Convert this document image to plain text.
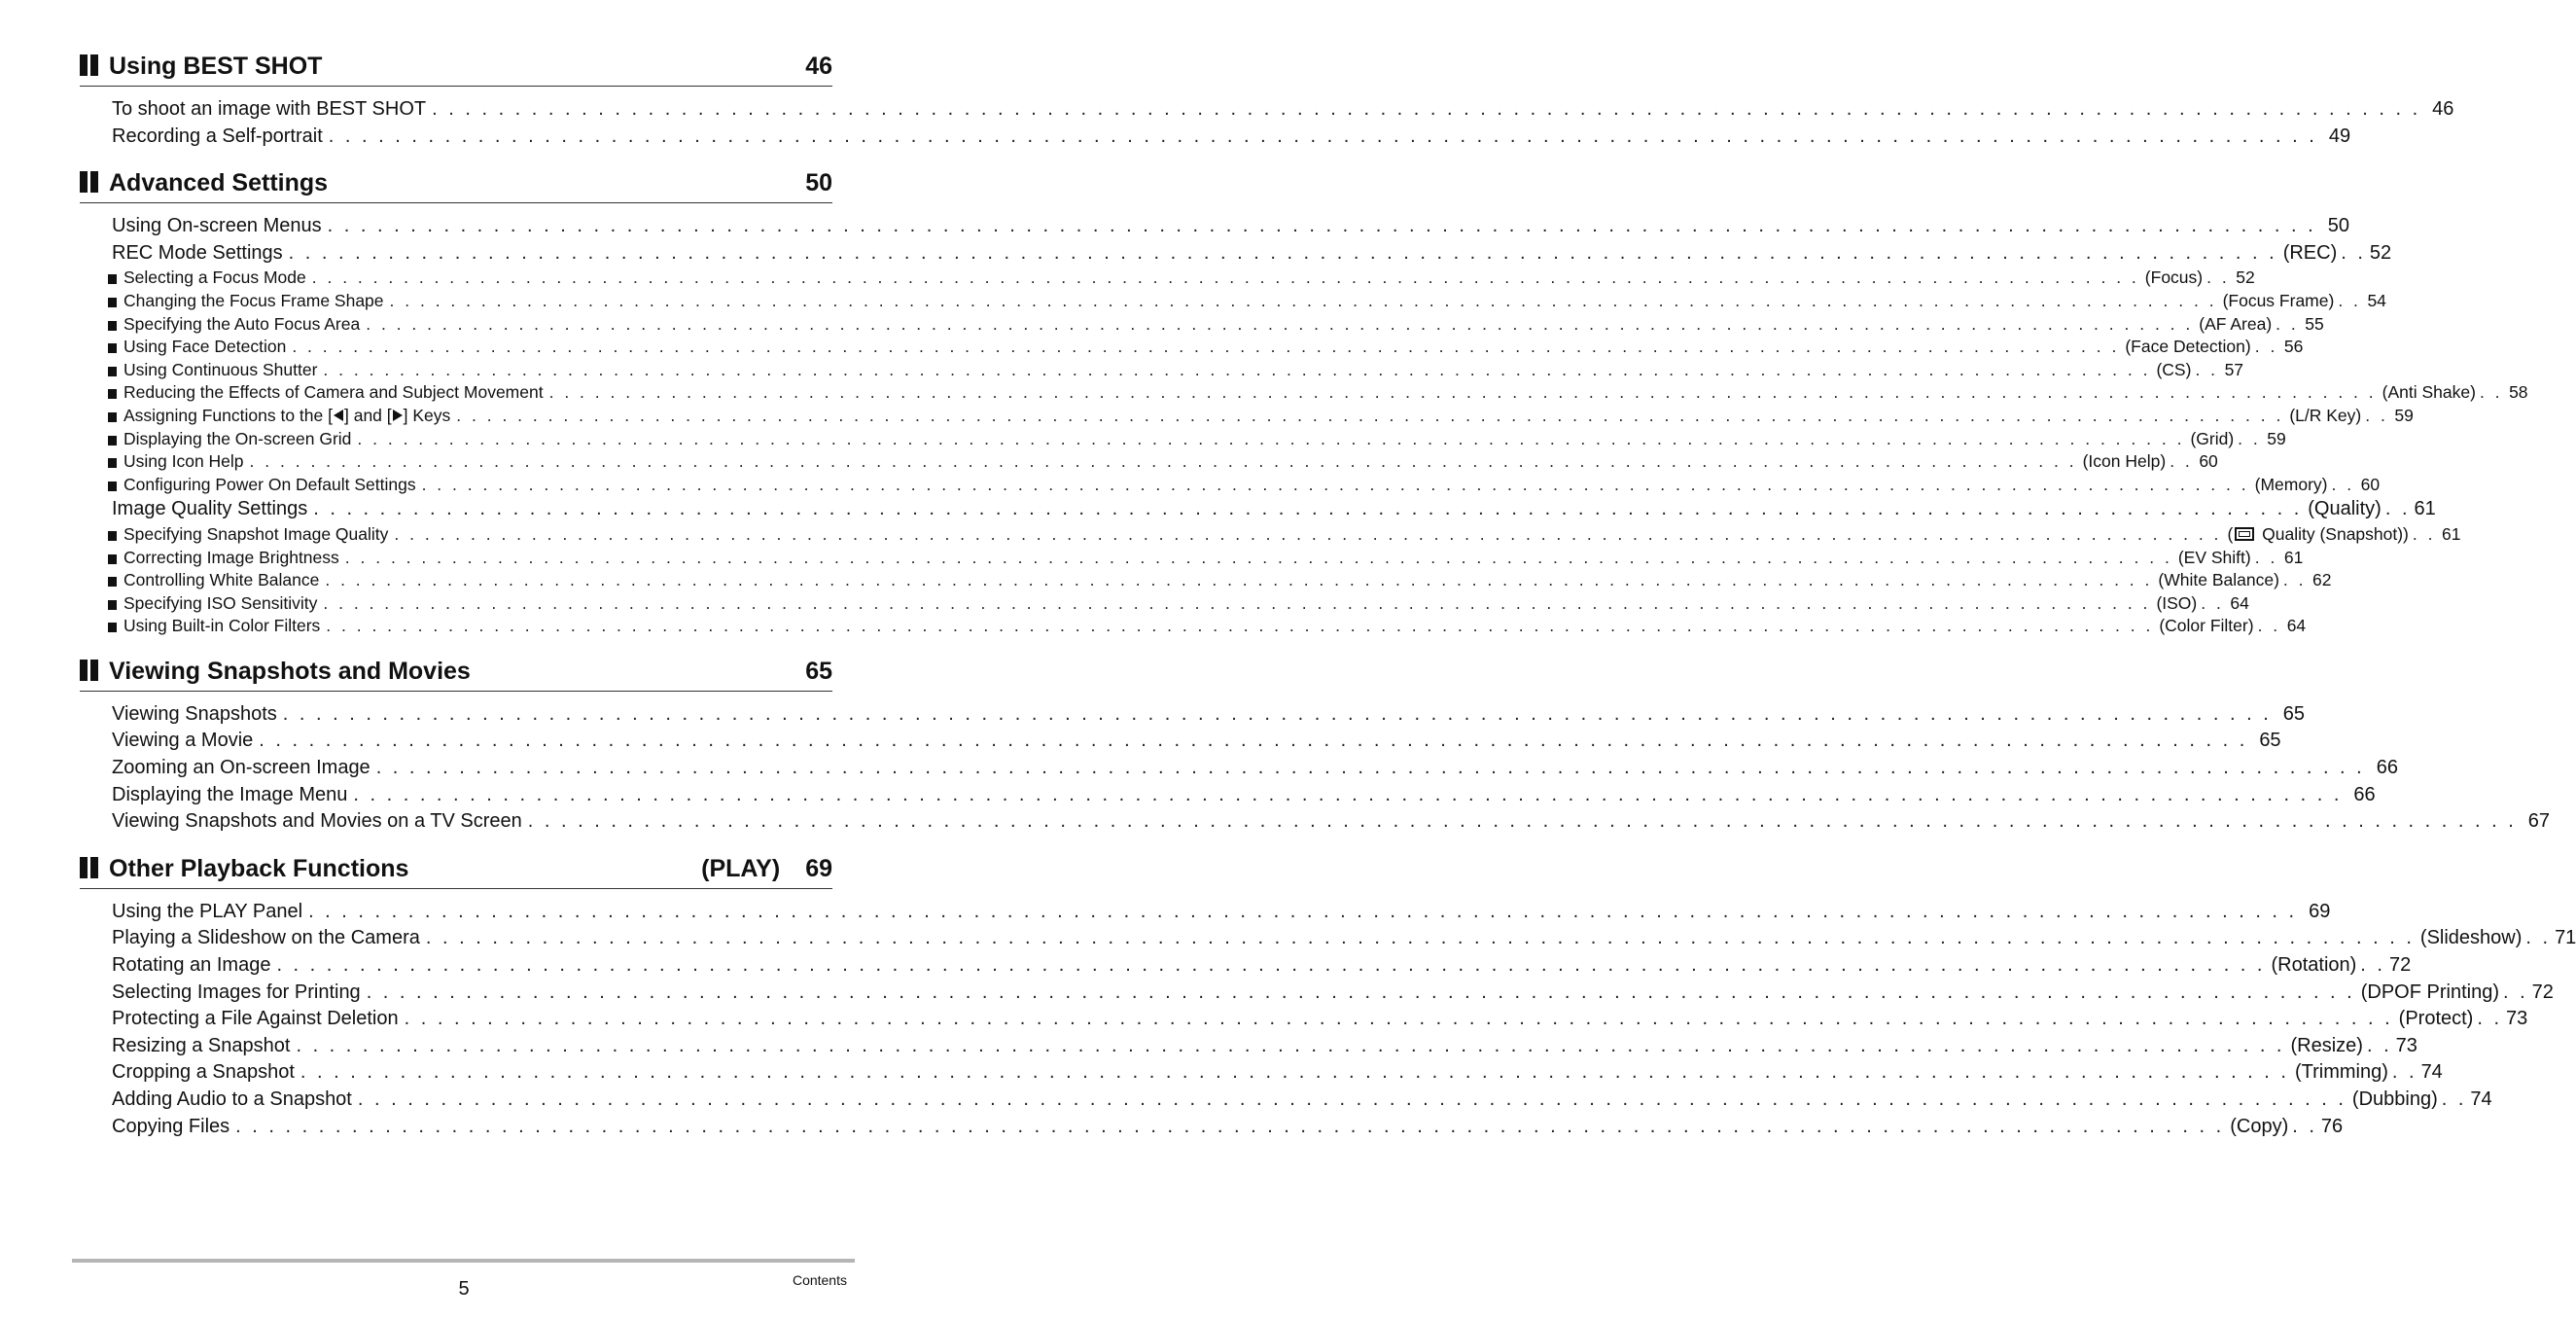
Using BEST SHOT	46
To shoot an image with BEST SHOT . . . . . . . . . . . . . . . . . . . . . . . . . . . . . . . . . . . . . . . . . . . . . . . . . . . . . . . . . . . . . . . . . . . . . . . . . . . . . . . . . . . . . . . . . . . . . . . . . . . . . . . . . . . . . . . . . . . . . . . . 46
Recording a Self-portrait . . . . . . . . . . . . . . . . . . . . . . . . . . . . . . . . . . . . . . . . . . . . . . . . . . . . . . . . . . . . . . . . . . . . . . . . . . . . . . . . . . . . . . . . . . . . . . . . . . . . . . . . . . . . . . . . . . . . . . . . 49
Advanced Settings	50
Using On-screen Menus . . . . . . . . . . . . . . . . . . . . . . . . . . . . . . . . . . . . . . . . . . . . . . . . . . . . . . . . . . . . . . . . . . . . . . . . . . . . . . . . . . . . . . . . . . . . . . . . . . . . . . . . . . . . . . . . . . . . . . . . 50
REC Mode Settings . . . . . . . . . . . . . . . . . . . . . . . . . . . . . . . . . . . . . . . . . . . . . . . . . . . . . . . . . . . . . . . . . . . . . . . . . . . . . . . . . . . . . . . . . . . . . . . . . . . . . . . . . . . . . . . . . . . . . . . . (REC) . . 52
Selecting a Focus Mode . . . . . . . . . . . . . . . . . . . . . . . . . . . . . . . . . . . . . . . . . . . . . . . . . . . . . . . . . . . . . . . . . . . . . . . . . . . . . . . . . . . . . . . . . . . . . . . . . . . . . . . . . . . . . . . . . . . . . . . . (Focus) . . 52
Changing the Focus Frame Shape . . . . . . . . . . . . . . . . . . . . . . . . . . . . . . . . . . . . . . . . . . . . . . . . . . . . . . . . . . . . . . . . . . . . . . . . . . . . . . . . . . . . . . . . . . . . . . . . . . . . . . . . . . . . . . . . . . . . . . . . (Focus Frame) . . 54
Specifying the Auto Focus Area . . . . . . . . . . . . . . . . . . . . . . . . . . . . . . . . . . . . . . . . . . . . . . . . . . . . . . . . . . . . . . . . . . . . . . . . . . . . . . . . . . . . . . . . . . . . . . . . . . . . . . . . . . . . . . . . . . . . . . . . (AF Area) . . 55
Using Face Detection . . . . . . . . . . . . . . . . . . . . . . . . . . . . . . . . . . . . . . . . . . . . . . . . . . . . . . . . . . . . . . . . . . . . . . . . . . . . . . . . . . . . . . . . . . . . . . . . . . . . . . . . . . . . . . . . . . . . . . . . (Face Detection) . . 56
Using Continuous Shutter . . . . . . . . . . . . . . . . . . . . . . . . . . . . . . . . . . . . . . . . . . . . . . . . . . . . . . . . . . . . . . . . . . . . . . . . . . . . . . . . . . . . . . . . . . . . . . . . . . . . . . . . . . . . . . . . . . . . . . . . (CS) . . 57
Reducing the Effects of Camera and Subject Movement . . . . . . . . . . . . . . . . . . . . . . . . . . . . . . . . . . . . . . . . . . . . . . . . . . . . . . . . . . . . . . . . . . . . . . . . . . . . . . . . . . . . . . . . . . . . . . . . . . . . . . . . . . . . . . . . . . . . . . . . (Anti Shake) . . 58
Assigning Functions to the [ ] and [ ] Keys . . . . . . . . . . . . . . . . . . . . . . . . . . . . . . . . . . . . . . . . . . . . . . . . . . . . . . . . . . . . . . . . . . . . . . . . . . . . . . . . . . . . . . . . . . . . . . . . . . . . . . . . . . . . . . . . . . . . . . . . (L/R Key) . . 59
Displaying the On-screen Grid . . . . . . . . . . . . . . . . . . . . . . . . . . . . . . . . . . . . . . . . . . . . . . . . . . . . . . . . . . . . . . . . . . . . . . . . . . . . . . . . . . . . . . . . . . . . . . . . . . . . . . . . . . . . . . . . . . . . . . . . (Grid) . . 59
Using Icon Help . . . . . . . . . . . . . . . . . . . . . . . . . . . . . . . . . . . . . . . . . . . . . . . . . . . . . . . . . . . . . . . . . . . . . . . . . . . . . . . . . . . . . . . . . . . . . . . . . . . . . . . . . . . . . . . . . . . . . . . . (Icon Help) . . 60
Configuring Power On Default Settings . . . . . . . . . . . . . . . . . . . . . . . . . . . . . . . . . . . . . . . . . . . . . . . . . . . . . . . . . . . . . . . . . . . . . . . . . . . . . . . . . . . . . . . . . . . . . . . . . . . . . . . . . . . . . . . . . . . . . . . . (Memory) . . 60
Image Quality Settings . . . . . . . . . . . . . . . . . . . . . . . . . . . . . . . . . . . . . . . . . . . . . . . . . . . . . . . . . . . . . . . . . . . . . . . . . . . . . . . . . . . . . . . . . . . . . . . . . . . . . . . . . . . . . . . . . . . . . . . . (Quality) . . 61
Specifying Snapshot Image Quality . . . . . . . . . . . . . . . . . . . . . . . . . . . . . . . . . . . . . . . . . . . . . . . . . . . . . . . . . . . . . . . . . . . . . . . . . . . . . . . . . . . . . . . . . . . . . . . . . . . . . . . . . . . . . . . . . . . . . . . . ( Quality (Snapshot)) . . 61
Correcting Image Brightness . . . . . . . . . . . . . . . . . . . . . . . . . . . . . . . . . . . . . . . . . . . . . . . . . . . . . . . . . . . . . . . . . . . . . . . . . . . . . . . . . . . . . . . . . . . . . . . . . . . . . . . . . . . . . . . . . . . . . . . . (EV Shift) . . 61
Controlling White Balance . . . . . . . . . . . . . . . . . . . . . . . . . . . . . . . . . . . . . . . . . . . . . . . . . . . . . . . . . . . . . . . . . . . . . . . . . . . . . . . . . . . . . . . . . . . . . . . . . . . . . . . . . . . . . . . . . . . . . . . . (White Balance) . . 62
Specifying ISO Sensitivity . . . . . . . . . . . . . . . . . . . . . . . . . . . . . . . . . . . . . . . . . . . . . . . . . . . . . . . . . . . . . . . . . . . . . . . . . . . . . . . . . . . . . . . . . . . . . . . . . . . . . . . . . . . . . . . . . . . . . . . . (ISO) . . 64
Using Built-in Color Filters . . . . . . . . . . . . . . . . . . . . . . . . . . . . . . . . . . . . . . . . . . . . . . . . . . . . . . . . . . . . . . . . . . . . . . . . . . . . . . . . . . . . . . . . . . . . . . . . . . . . . . . . . . . . . . . . . . . . . . . . (Color Filter) . . 64
Viewing Snapshots and Movies	65
Viewing Snapshots . . . . . . . . . . . . . . . . . . . . . . . . . . . . . . . . . . . . . . . . . . . . . . . . . . . . . . . . . . . . . . . . . . . . . . . . . . . . . . . . . . . . . . . . . . . . . . . . . . . . . . . . . . . . . . . . . . . . . . . . 65
Viewing a Movie . . . . . . . . . . . . . . . . . . . . . . . . . . . . . . . . . . . . . . . . . . . . . . . . . . . . . . . . . . . . . . . . . . . . . . . . . . . . . . . . . . . . . . . . . . . . . . . . . . . . . . . . . . . . . . . . . . . . . . . . 65
Zooming an On-screen Image . . . . . . . . . . . . . . . . . . . . . . . . . . . . . . . . . . . . . . . . . . . . . . . . . . . . . . . . . . . . . . . . . . . . . . . . . . . . . . . . . . . . . . . . . . . . . . . . . . . . . . . . . . . . . . . . . . . . . . . . 66
Displaying the Image Menu . . . . . . . . . . . . . . . . . . . . . . . . . . . . . . . . . . . . . . . . . . . . . . . . . . . . . . . . . . . . . . . . . . . . . . . . . . . . . . . . . . . . . . . . . . . . . . . . . . . . . . . . . . . . . . . . . . . . . . . . 66
Viewing Snapshots and Movies on a TV Screen . . . . . . . . . . . . . . . . . . . . . . . . . . . . . . . . . . . . . . . . . . . . . . . . . . . . . . . . . . . . . . . . . . . . . . . . . . . . . . . . . . . . . . . . . . . . . . . . . . . . . . . . . . . . . . . . . . . . . . . . 67
Other Playback Functions	(PLAY) 69
Using the PLAY Panel . . . . . . . . . . . . . . . . . . . . . . . . . . . . . . . . . . . . . . . . . . . . . . . . . . . . . . . . . . . . . . . . . . . . . . . . . . . . . . . . . . . . . . . . . . . . . . . . . . . . . . . . . . . . . . . . . . . . . . . . 69
Playing a Slideshow on the Camera . . . . . . . . . . . . . . . . . . . . . . . . . . . . . . . . . . . . . . . . . . . . . . . . . . . . . . . . . . . . . . . . . . . . . . . . . . . . . . . . . . . . . . . . . . . . . . . . . . . . . . . . . . . . . . . . . . . . . . . . (Slideshow) . . 71
Rotating an Image . . . . . . . . . . . . . . . . . . . . . . . . . . . . . . . . . . . . . . . . . . . . . . . . . . . . . . . . . . . . . . . . . . . . . . . . . . . . . . . . . . . . . . . . . . . . . . . . . . . . . . . . . . . . . . . . . . . . . . . . (Rotation) . . 72
Selecting Images for Printing . . . . . . . . . . . . . . . . . . . . . . . . . . . . . . . . . . . . . . . . . . . . . . . . . . . . . . . . . . . . . . . . . . . . . . . . . . . . . . . . . . . . . . . . . . . . . . . . . . . . . . . . . . . . . . . . . . . . . . . . (DPOF Printing) . . 72
Protecting a File Against Deletion . . . . . . . . . . . . . . . . . . . . . . . . . . . . . . . . . . . . . . . . . . . . . . . . . . . . . . . . . . . . . . . . . . . . . . . . . . . . . . . . . . . . . . . . . . . . . . . . . . . . . . . . . . . . . . . . . . . . . . . . (Protect) . . 73
Resizing a Snapshot . . . . . . . . . . . . . . . . . . . . . . . . . . . . . . . . . . . . . . . . . . . . . . . . . . . . . . . . . . . . . . . . . . . . . . . . . . . . . . . . . . . . . . . . . . . . . . . . . . . . . . . . . . . . . . . . . . . . . . . . (Resize) . . 73
Cropping a Snapshot . . . . . . . . . . . . . . . . . . . . . . . . . . . . . . . . . . . . . . . . . . . . . . . . . . . . . . . . . . . . . . . . . . . . . . . . . . . . . . . . . . . . . . . . . . . . . . . . . . . . . . . . . . . . . . . . . . . . . . . . (Trimming) . . 74
Adding Audio to a Snapshot . . . . . . . . . . . . . . . . . . . . . . . . . . . . . . . . . . . . . . . . . . . . . . . . . . . . . . . . . . . . . . . . . . . . . . . . . . . . . . . . . . . . . . . . . . . . . . . . . . . . . . . . . . . . . . . . . . . . . . . . (Dubbing) . . 74
Copying Files . . . . . . . . . . . . . . . . . . . . . . . . . . . . . . . . . . . . . . . . . . . . . . . . . . . . . . . . . . . . . . . . . . . . . . . . . . . . . . . . . . . . . . . . . . . . . . . . . . . . . . . . . . . . . . . . . . . . . . . . (Copy) . . 76
5	Contents
